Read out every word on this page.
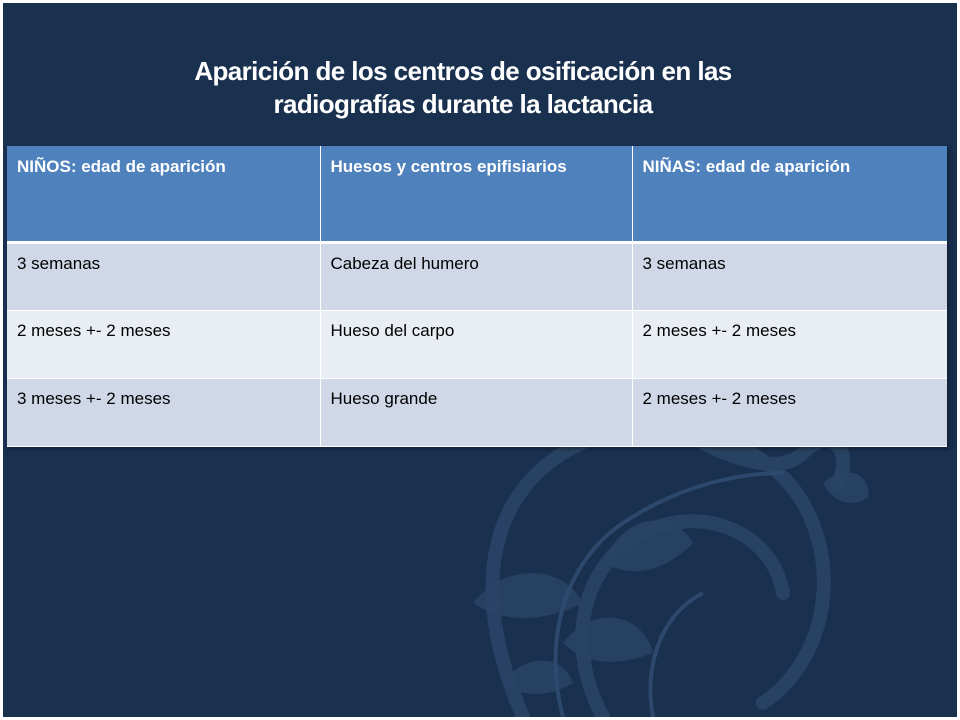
Aparición de los centros de osificación en las
radiografías durante la lactancia
NIÑOS: edad de aparición	Huesos y centros epifisiarios	NIÑAS: edad de aparición
3 semanas	Cabeza del humero	3 semanas
2 meses +- 2 meses	Hueso del carpo	2 meses +- 2 meses
3 meses +- 2 meses	Hueso grande	2 meses +- 2 meses
